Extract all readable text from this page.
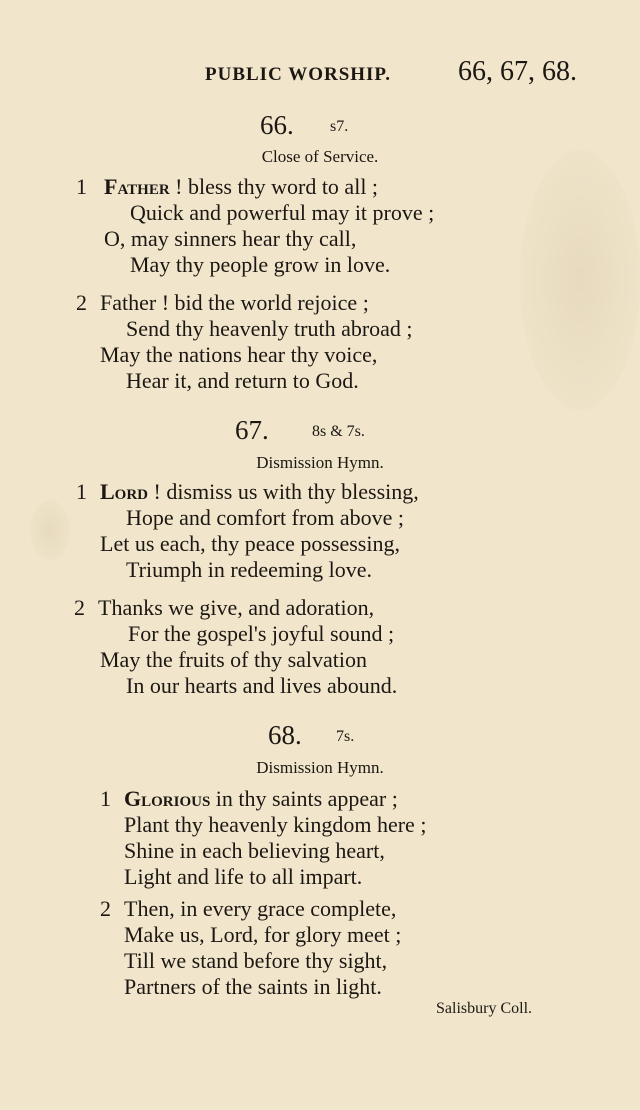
PUBLIC WORSHIP. 66, 67, 68.
66. s7.
Close of Service.
1 Father ! bless thy word to all ;
Quick and powerful may it prove ;
O, may sinners hear thy call,
May thy people grow in love.
2 Father ! bid the world rejoice ;
Send thy heavenly truth abroad ;
May the nations hear thy voice,
Hear it, and return to God.
67.	8s & 7s.
Dismission Hymn.
1 Lord ! dismiss us with thy blessing,
Hope and comfort from above ;
Let us each, thy peace possessing,
Triumph in redeeming love.
2 Thanks we give, and adoration,
For the gospel's joyful sound ;
May the fruits of thy salvation
In our hearts and lives abound.
68. 7s.
Dismission Hymn.
1 Glorious in thy saints appear ;
Plant thy heavenly kingdom here ;
Shine in each believing heart,
Light and life to all impart.
2 Then, in every grace complete,
Make us, Lord, for glory meet ;
Till we stand before thy sight,
Partners of the saints in light.
Salisbury Coll.
